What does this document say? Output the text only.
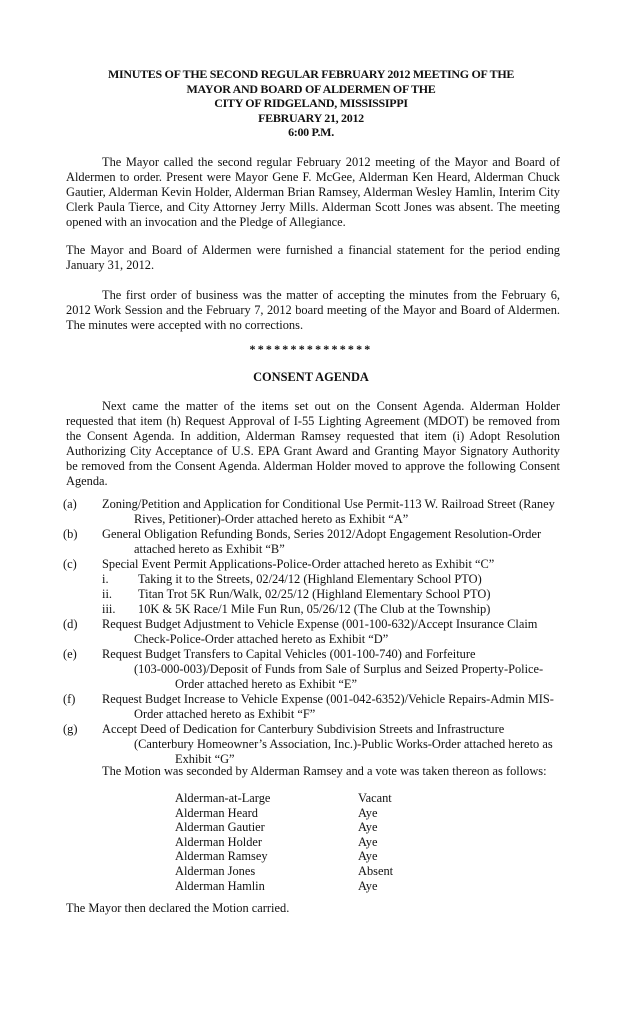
MINUTES OF THE SECOND REGULAR FEBRUARY 2012 MEETING OF THE
MAYOR AND BOARD OF ALDERMEN OF THE
CITY OF RIDGELAND, MISSISSIPPI
FEBRUARY 21, 2012
6:00 P.M.
The Mayor called the second regular February 2012 meeting of the Mayor and Board of Aldermen to order. Present were Mayor Gene F. McGee, Alderman Ken Heard, Alderman Chuck Gautier, Alderman Kevin Holder, Alderman Brian Ramsey, Alderman Wesley Hamlin, Interim City Clerk Paula Tierce, and City Attorney Jerry Mills. Alderman Scott Jones was absent. The meeting opened with an invocation and the Pledge of Allegiance.
The Mayor and Board of Aldermen were furnished a financial statement for the period ending January 31, 2012.
The first order of business was the matter of accepting the minutes from the February 6, 2012 Work Session and the February 7, 2012 board meeting of the Mayor and Board of Aldermen. The minutes were accepted with no corrections.
***************
CONSENT AGENDA
Next came the matter of the items set out on the Consent Agenda. Alderman Holder requested that item (h) Request Approval of I-55 Lighting Agreement (MDOT) be removed from the Consent Agenda. In addition, Alderman Ramsey requested that item (i) Adopt Resolution Authorizing City Acceptance of U.S. EPA Grant Award and Granting Mayor Signatory Authority be removed from the Consent Agenda. Alderman Holder moved to approve the following Consent Agenda.
(a)	Zoning/Petition and Application for Conditional Use Permit-113 W. Railroad Street (Raney
Rives, Petitioner)-Order attached hereto as Exhibit “A”
(b)	General Obligation Refunding Bonds, Series 2012/Adopt Engagement Resolution-Order
attached hereto as Exhibit “B”
(c)	Special Event Permit Applications-Police-Order attached hereto as Exhibit “C”
i.	Taking it to the Streets, 02/24/12 (Highland Elementary School PTO)
ii.	Titan Trot 5K Run/Walk, 02/25/12 (Highland Elementary School PTO)
iii.	10K & 5K Race/1 Mile Fun Run, 05/26/12 (The Club at the Township)
(d)	Request Budget Adjustment to Vehicle Expense (001-100-632)/Accept Insurance Claim
Check-Police-Order attached hereto as Exhibit “D”
(e)	Request Budget Transfers to Capital Vehicles (001-100-740) and Forfeiture
(103-000-003)/Deposit of Funds from Sale of Surplus and Seized Property-Police-
Order attached hereto as Exhibit “E”
(f)	Request Budget Increase to Vehicle Expense (001-042-6352)/Vehicle Repairs-Admin MIS-
Order attached hereto as Exhibit “F”
(g)	Accept Deed of Dedication for Canterbury Subdivision Streets and Infrastructure
(Canterbury Homeowner’s Association, Inc.)-Public Works-Order attached hereto as
Exhibit “G”
The Motion was seconded by Alderman Ramsey and a vote was taken thereon as follows:
Alderman-at-Large	Vacant
Alderman Heard	Aye
Alderman Gautier	Aye
Alderman Holder	Aye
Alderman Ramsey	Aye
Alderman Jones	Absent
Alderman Hamlin	Aye
The Mayor then declared the Motion carried.
